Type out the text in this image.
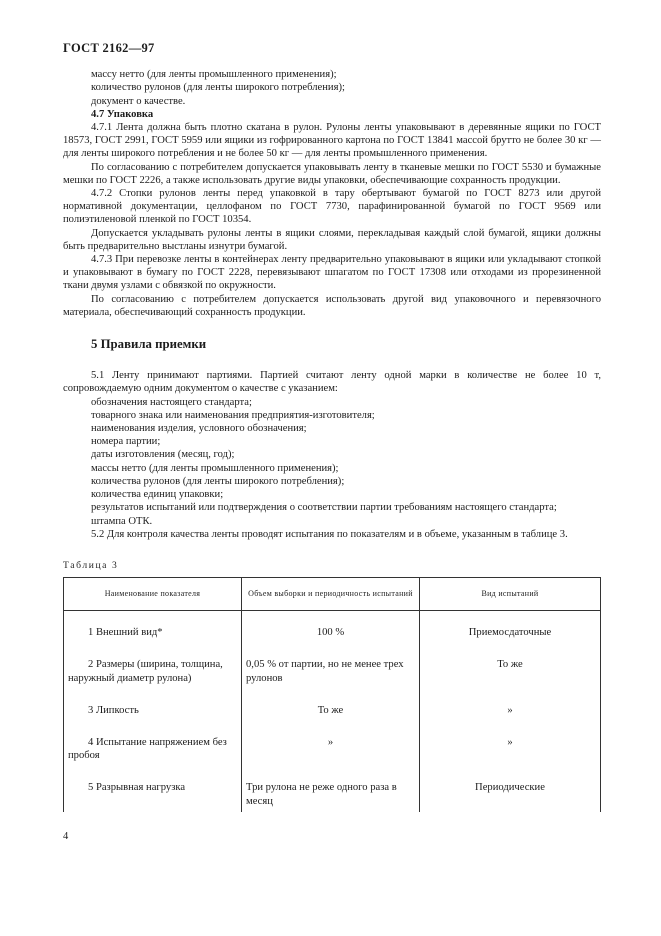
ГОСТ 2162—97
массу нетто (для ленты промышленного применения);
количество рулонов (для ленты широкого потребления);
документ о качестве.

4.7 Упаковка

4.7.1 Лента должна быть плотно скатана в рулон. Рулоны ленты упаковывают в деревянные ящики по ГОСТ 18573, ГОСТ 2991, ГОСТ 5959 или ящики из гофрированного картона по ГОСТ 13841 массой брутто не более 30 кг — для ленты широкого потребления и не более 50 кг — для ленты промышленного применения.

По согласованию с потребителем допускается упаковывать ленту в тканевые мешки по ГОСТ 5530 и бумажные мешки по ГОСТ 2226, а также использовать другие виды упаковки, обеспечивающие сохранность продукции.

4.7.2 Стопки рулонов ленты перед упаковкой в тару обертывают бумагой по ГОСТ 8273 или другой нормативной документации, целлофаном по ГОСТ 7730, парафинированной бумагой по ГОСТ 9569 или полиэтиленовой пленкой по ГОСТ 10354.

Допускается укладывать рулоны ленты в ящики слоями, перекладывая каждый слой бумагой, ящики должны быть предварительно выстланы изнутри бумагой.

4.7.3 При перевозке ленты в контейнерах ленту предварительно упаковывают в ящики или укладывают стопкой и упаковывают в бумагу по ГОСТ 2228, перевязывают шпагатом по ГОСТ 17308 или отходами из прорезиненной ткани двумя узлами с обвязкой по окружности.

По согласованию с потребителем допускается использовать другой вид упаковочного и перевязочного материала, обеспечивающий сохранность продукции.

5 Правила приемки

5.1 Ленту принимают партиями. Партией считают ленту одной марки в количестве не более 10 т, сопровождаемую одним документом о качестве с указанием:

обозначения настоящего стандарта;
товарного знака или наименования предприятия-изготовителя;
наименования изделия, условного обозначения;
номера партии;
даты изготовления (месяц, год);
массы нетто (для ленты промышленного применения);
количества рулонов (для ленты широкого потребления);
количества единиц упаковки;

результатов испытаний или подтверждения о соответствии партии требованиям настоящего стандарта;

штампа ОТК.

5.2 Для контроля качества ленты проводят испытания по показателям и в объеме, указанным в таблице 3.

Таблица 3
Наименование показателя	Объем выборки и периодичность испытаний	Вид испытаний

1 Внешний вид*	100 %	Приемосдаточные

2 Размеры (ширина, толщина, наружный диаметр рулона)	0,05 % от партии, но не менее трех рулонов	То же

3 Липкость	То же	»

4 Испытание напряжением без пробоя	»	»

5 Разрывная нагрузка	Три рулона не реже одного раза в месяц	Периодические
4
